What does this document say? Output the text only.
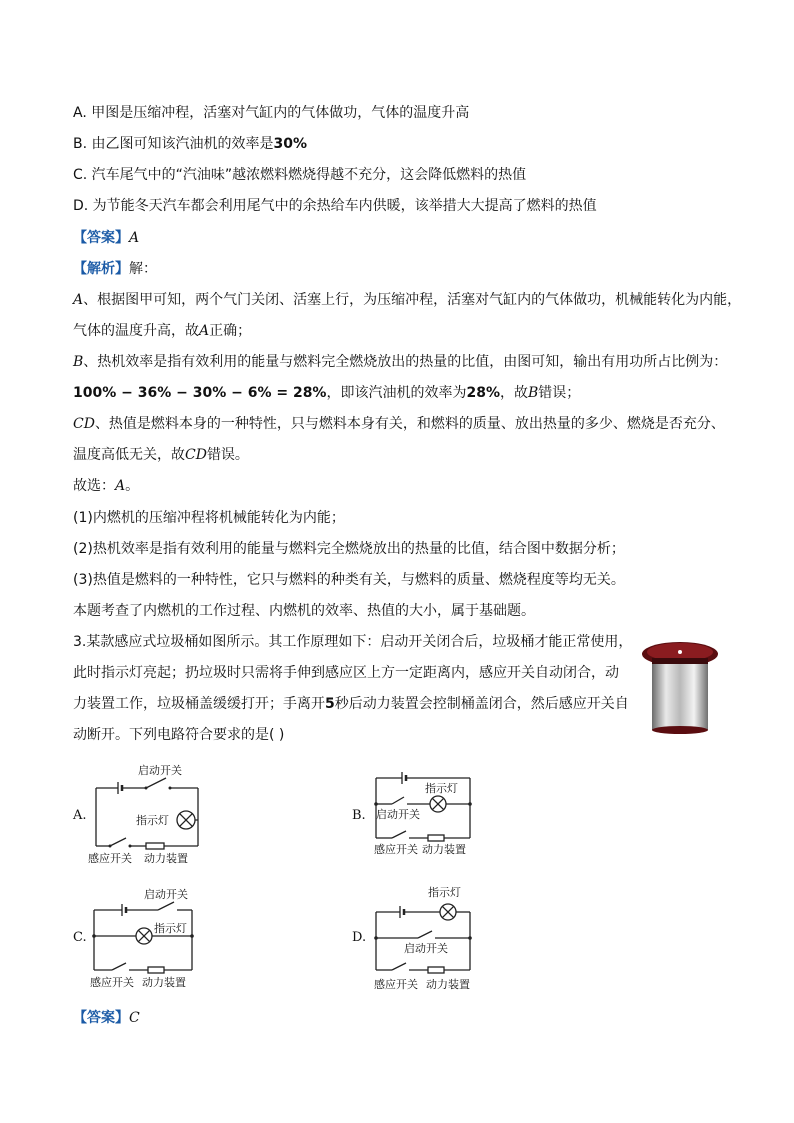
A. 甲图是压缩冲程，活塞对气缸内的气体做功，气体的温度升高
B. 由乙图可知该汽油机的效率是30%
C. 汽车尾气中的“汽油味”越浓燃料燃烧得越不充分，这会降低燃料的热值
D. 为节能冬天汽车都会利用尾气中的余热给车内供暖，该举措大大提高了燃料的热值
【答案】A
【解析】解：
A、根据图甲可知，两个气门关闭、活塞上行，为压缩冲程，活塞对气缸内的气体做功，机械能转化为内能，
气体的温度升高，故A正确；
B、热机效率是指有效利用的能量与燃料完全燃烧放出的热量的比值，由图可知，输出有用功所占比例为：
100% − 36% − 30% − 6% = 28%，即该汽油机的效率为28%，故B错误；
CD、热值是燃料本身的一种特性，只与燃料本身有关，和燃料的质量、放出热量的多少、燃烧是否充分、
温度高低无关，故CD错误。
故选：A。
(1)内燃机的压缩冲程将机械能转化为内能；
(2)热机效率是指有效利用的能量与燃料完全燃烧放出的热量的比值，结合图中数据分析；
(3)热值是燃料的一种特性，它只与燃料的种类有关，与燃料的质量、燃烧程度等均无关。
本题考查了内燃机的工作过程、内燃机的效率、热值的大小，属于基础题。
3.某款感应式垃圾桶如图所示。其工作原理如下：启动开关闭合后，垃圾桶才能正常使用，
此时指示灯亮起；扔垃圾时只需将手伸到感应区上方一定距离内，感应开关自动闭合，动
力装置工作，垃圾桶盖缓缓打开；手离开5秒后动力装置会控制桶盖闭合，然后感应开关自
动断开。下列电路符合要求的是( )
A.
启动开关
指示灯
感应开关 动力装置
B.
指示灯
启动开关
感应开关 动力装置
C.
启动开关
指示灯
感应开关 动力装置
D.
指示灯
启动开关
感应开关 动力装置
【答案】C
